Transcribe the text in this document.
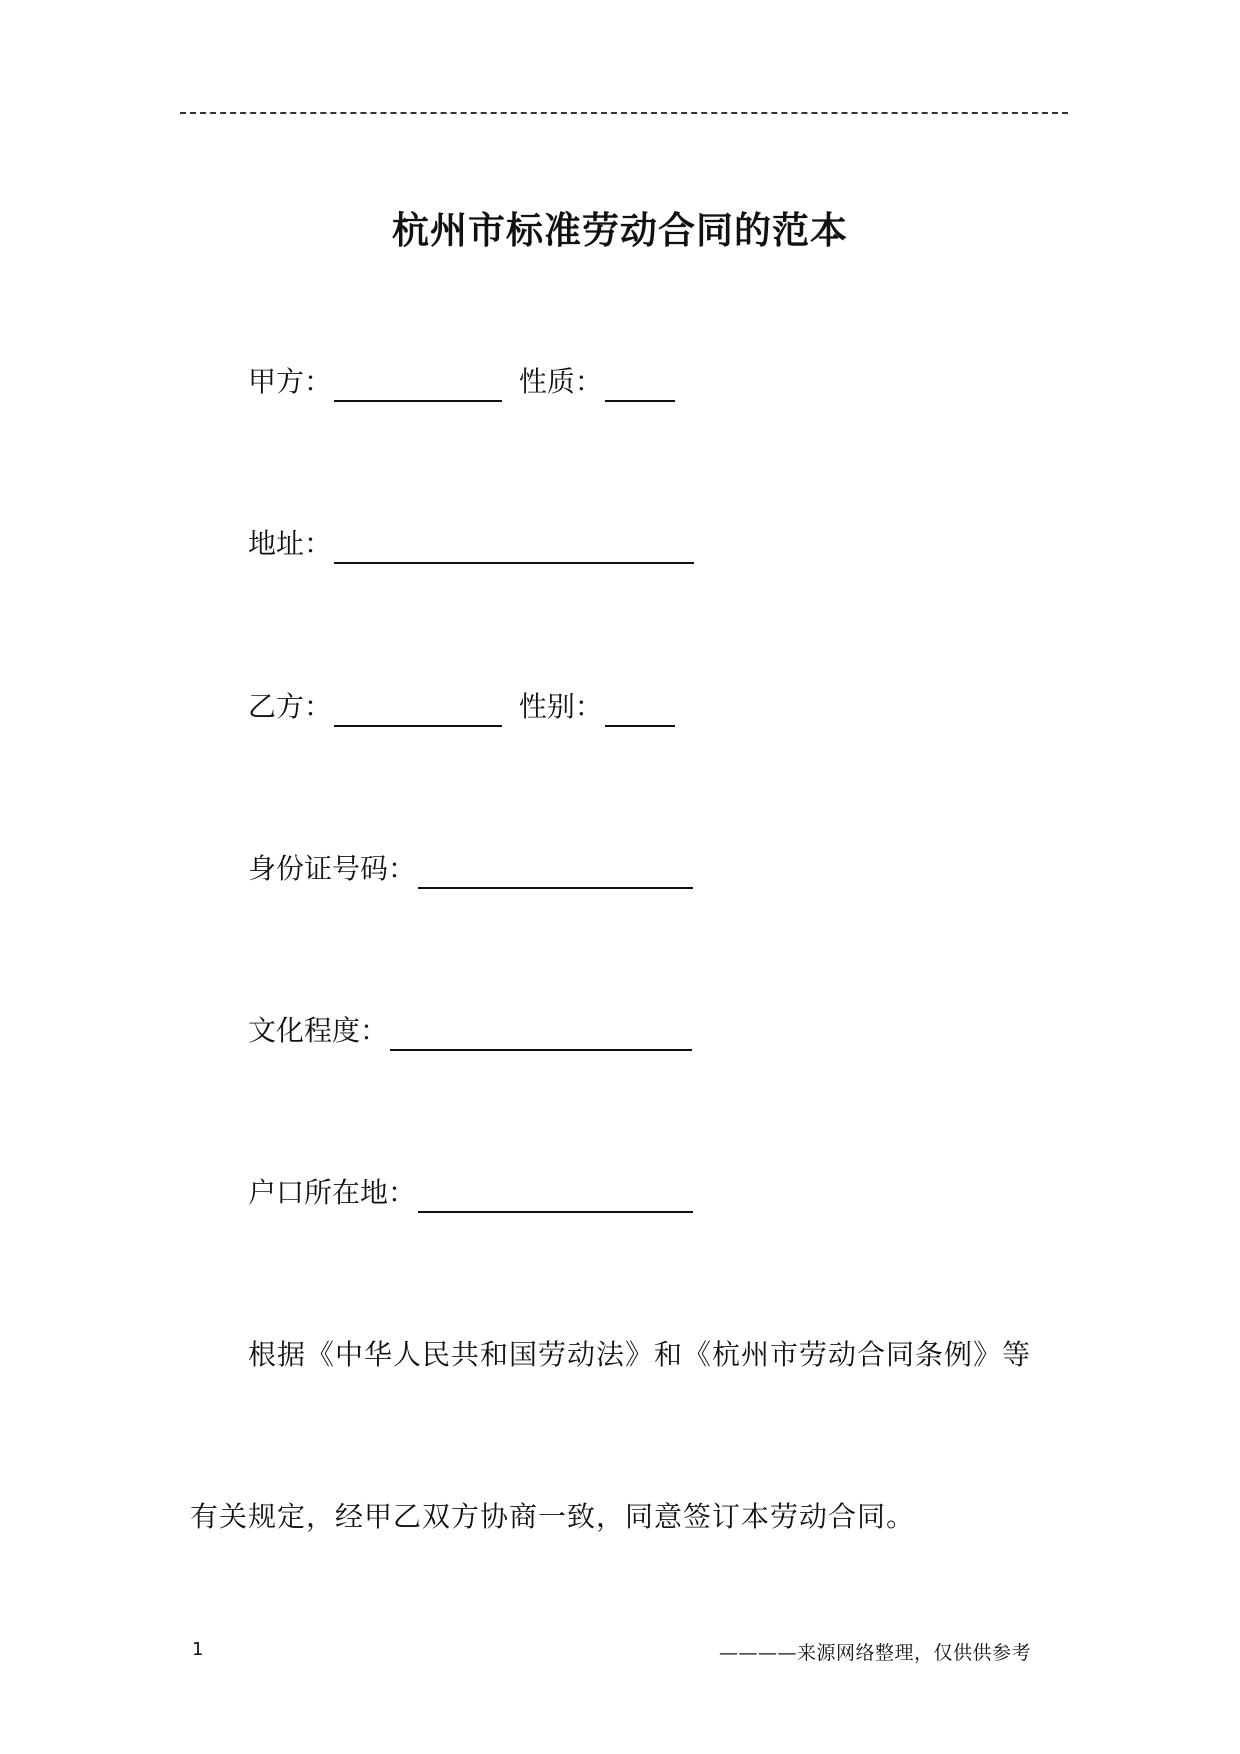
杭州市标准劳动合同的范本
甲方：	性质：
地址：
乙方：	性别：
身份证号码：
文化程度：
户口所在地：
根据《中华人民共和国劳动法》和《杭州市劳动合同条例》等
有关规定，经甲乙双方协商一致，同意签订本劳动合同。
1	————来源网络整理，仅供供参考
